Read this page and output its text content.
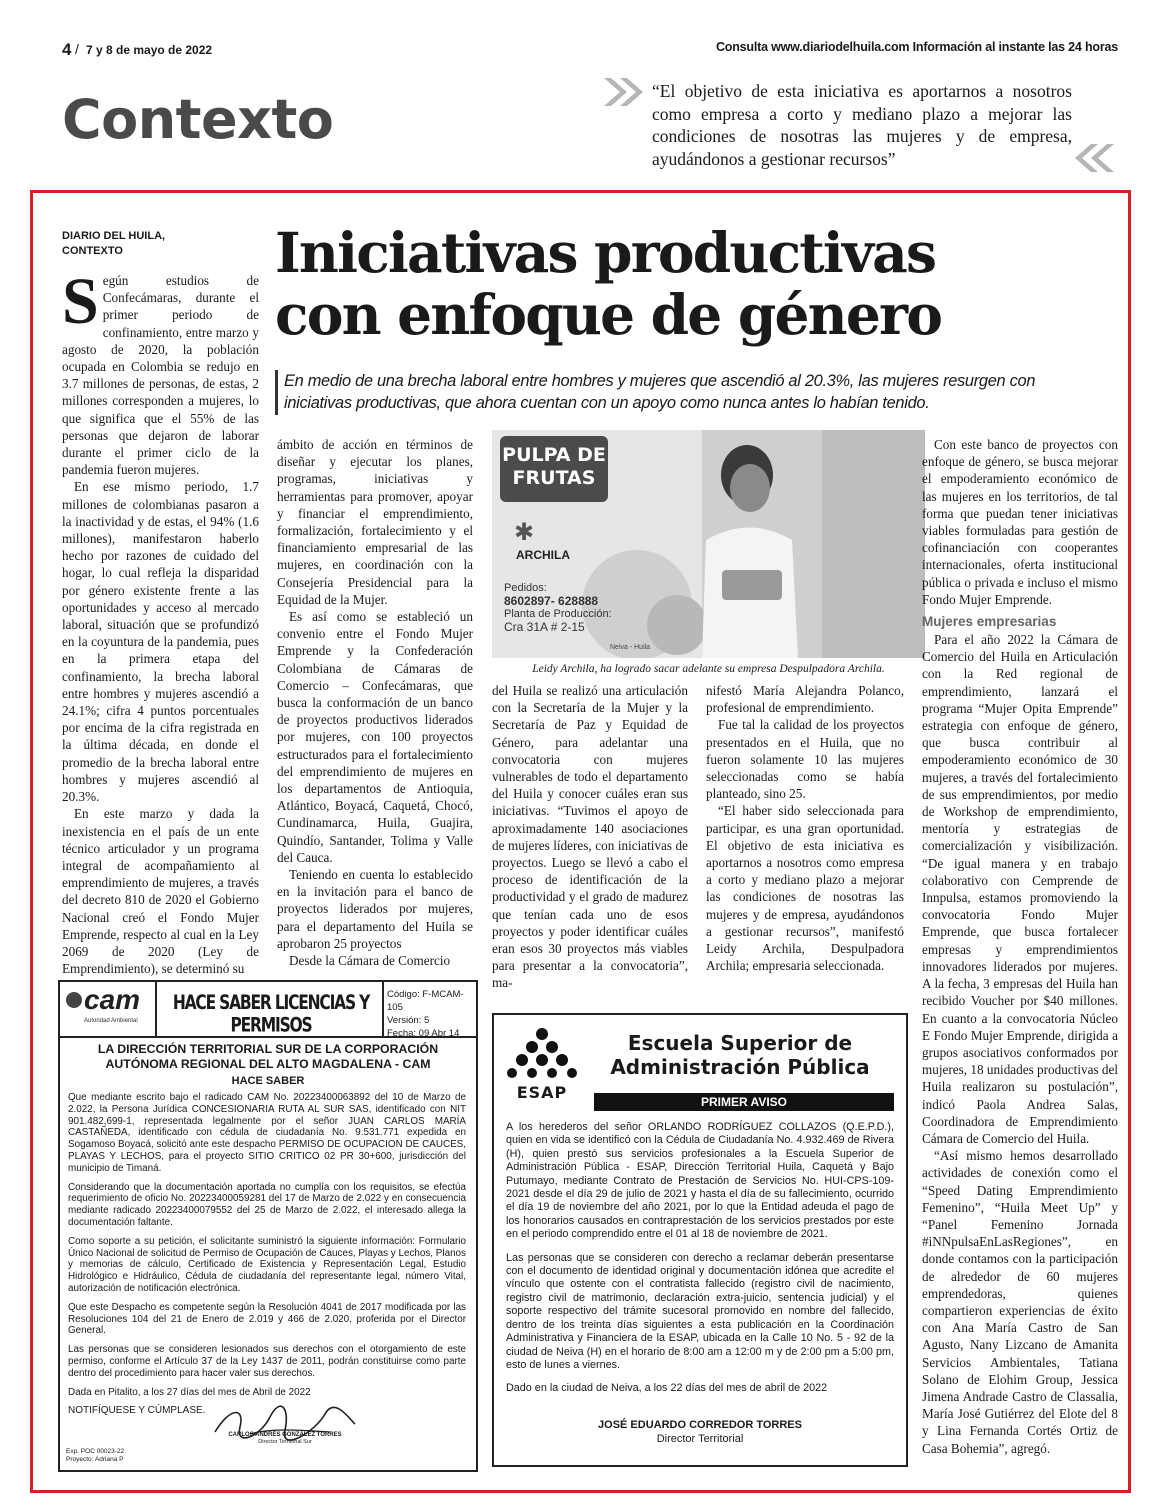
4 / 7 y 8 de mayo de 2022	Consulta www.diariodelhuila.com Información al instante las 24 horas
Contexto	“El objetivo de esta iniciativa es aportarnos a nosotros como empresa a corto y mediano plazo a mejorar las condiciones de nosotras las mujeres y de empresa, ayudándonos a gestionar recursos”
DIARIO DEL HUILA,
CONTEXTO	Iniciativas productivas
con enfoque de género
En medio de una brecha laboral entre hombres y mujeres que ascendió al 20.3%, las mujeres resurgen con iniciativas productivas, que ahora cuentan con un apoyo como nunca antes lo habían tenido.
S egún estudios de Confecámaras, durante el primer periodo de confinamiento, entre marzo y agosto de 2020, la población ocupada en Colombia se redujo en 3.7 millones de personas, de estas, 2 millones corresponden a mujeres, lo que significa que el 55% de las personas que dejaron de laborar durante el primer ciclo de la pandemia fueron mujeres.

En ese mismo periodo, 1.7 millones de colombianas pasaron a la inactividad y de estas, el 94% (1.6 millones), manifestaron haberlo hecho por razones de cuidado del hogar, lo cual refleja la disparidad por género existente frente a las oportunidades y acceso al mercado laboral, situación que se profundizó en la coyuntura de la pandemia, pues en la primera etapa del confinamiento, la brecha laboral entre hombres y mujeres ascendió a 24.1%; cifra 4 puntos porcentuales por encima de la cifra registrada en la última década, en donde el promedio de la brecha laboral entre hombres y mujeres ascendió al 20.3%.

En este marzo y dada la inexistencia en el país de un ente técnico articulador y un programa integral de acompañamiento al emprendimiento de mujeres, a través del decreto 810 de 2020 el Gobierno Nacional creó el Fondo Mujer Emprende, respecto al cual en la Ley 2069 de 2020 (Ley de Emprendimiento), se determinó su

ámbito de acción en términos de diseñar y ejecutar los planes, programas, iniciativas y herramientas para promover, apoyar y financiar el emprendimiento, formalización, fortalecimiento y el financiamiento empresarial de las mujeres, en coordinación con la Consejería Presidencial para la Equidad de la Mujer.

Es así como se estableció un convenio entre el Fondo Mujer Emprende y la Confederación Colombiana de Cámaras de Comercio – Confecámaras, que busca la conformación de un banco de proyectos productivos liderados por mujeres, con 100 proyectos estructurados para el fortalecimiento del emprendimiento de mujeres en los departamentos de Antioquia, Atlántico, Boyacá, Caquetá, Chocó, Cundinamarca, Huila, Guajira, Quindío, Santander, Tolima y Valle del Cauca.

Teniendo en cuenta lo establecido en la invitación para el banco de proyectos liderados por mujeres, para el departamento del Huila se aprobaron 25 proyectos

Desde la Cámara de Comercio

PULPA DE
FRUTAS
✱
ARCHILA
Pedidos:
8602897- 628888
Planta de Producción:
Cra 31A # 2-15
Neiva - Huila
Leidy Archila, ha logrado sacar adelante su empresa Despulpadora Archila.

del Huila se realizó una articulación con la Secretaría de la Mujer y la Secretaría de Paz y Equidad de Género, para adelantar una convocatoria con mujeres vulnerables de todo el departamento del Huila y conocer cuáles eran sus iniciativas. “Tuvimos el apoyo de aproximadamente 140 asociaciones de mujeres líderes, con iniciativas de proyectos. Luego se llevó a cabo el proceso de identificación de la productividad y el grado de madurez que tenían cada uno de esos proyectos y poder identificar cuáles eran esos 30 proyectos más viables para presentar a la convocatoria”, ma-

nifestó María Alejandra Polanco, profesional de emprendimiento.

Fue tal la calidad de los proyectos presentados en el Huila, que no fueron solamente 10 las mujeres seleccionadas como se había planteado, sino 25.

“El haber sido seleccionada para participar, es una gran oportunidad. El objetivo de esta iniciativa es aportarnos a nosotros como empresa a corto y mediano plazo a mejorar las condiciones de nosotras las mujeres y de empresa, ayudándonos a gestionar recursos”, manifestó Leidy Archila, Despulpadora Archila; empresaria seleccionada.

Con este banco de proyectos con enfoque de género, se busca mejorar el empoderamiento económico de las mujeres en los territorios, de tal forma que puedan tener iniciativas viables formuladas para gestión de cofinanciación con cooperantes internacionales, oferta institucional pública o privada e incluso el mismo Fondo Mujer Emprende.

Mujeres empresarias

Para el año 2022 la Cámara de Comercio del Huila en Articulación con la Red regional de emprendimiento, lanzará el programa “Mujer Opita Emprende” estrategia con enfoque de género, que busca contribuir al empoderamiento económico de 30 mujeres, a través del fortalecimiento de sus emprendimientos, por medio de Workshop de emprendimiento, mentoría y estrategias de comercialización y visibilización. “De igual manera y en trabajo colaborativo con Cemprende de Innpulsa, estamos promoviendo la convocatoria Fondo Mujer Emprende, que busca fortalecer empresas y emprendimientos innovadores liderados por mujeres. A la fecha, 3 empresas del Huila han recibido Voucher por $40 millones. En cuanto a la convocatoria Núcleo E Fondo Mujer Emprende, dirigida a grupos asociativos conformados por mujeres, 18 unidades productivas del Huila realizaron su postulación”, indicó Paola Andrea Salas, Coordinadora de Emprendimiento Cámara de Comercio del Huila.

“Así mismo hemos desarrollado actividades de conexión como el “Speed Dating Emprendimiento Femenino”, “Huila Meet Up” y “Panel Femenino Jornada #iNNpulsaEnLasRegiones”, en donde contamos con la participación de alrededor de 60 mujeres emprendedoras, quienes compartieron experiencias de éxito con Ana María Castro de San Agusto, Nany Lizcano de Amanita Servicios Ambientales, Tatiana Solano de Elohim Group, Jessica Jimena Andrade Castro de Classalia, María José Gutiérrez del Elote del 8 y Lina Fernanda Cortés Ortiz de Casa Bohemia”, agregó.

cam
Autoridad Ambiental
HACE SABER LICENCIAS Y PERMISOS
Código: F-MCAM-105
Versión: 5
Fecha: 09 Abr 14
LA DIRECCIÓN TERRITORIAL SUR DE LA CORPORACIÓN AUTÓNOMA REGIONAL DEL ALTO MAGDALENA - CAM
HACE SABER

Que mediante escrito bajo el radicado CAM No. 20223400063892 del 10 de Marzo de 2.022, la Persona Jurídica CONCESIONARIA RUTA AL SUR SAS, identificado con NIT 901.482,699-1, representada legalmente por el señor JUAN CARLOS MARÍA CASTAÑEDA, identificado con cédula de ciudadanía No. 9.531.771 expedida en Sogamoso Boyacá, solicitó ante este despacho PERMISO DE OCUPACION DE CAUCES, PLAYAS Y LECHOS, para el proyecto SITIO CRITICO 02 PR 30+600, jurisdicción del municipio de Timaná.

Considerando que la documentación aportada no cumplía con los requisitos, se efectúa requerimiento de oficio No. 20223400059281 del 17 de Marzo de 2.022 y en consecuencia mediante radicado 20223400079552 del 25 de Marzo de 2.022, el interesado allega la documentación faltante.

Como soporte a su petición, el solicitante suministró la siguiente información: Formulario Único Nacional de solicitud de Permiso de Ocupación de Cauces, Playas y Lechos, Planos y memorias de cálculo, Certificado de Existencia y Representación Legal, Estudio Hidrológico e Hidráulico, Cédula de ciudadanía del representante legal, número Vital, autorización de notificación electrónica.

Que este Despacho es competente según la Resolución 4041 de 2017 modificada por las Resoluciones 104 del 21 de Enero de 2.019 y 466 de 2.020, proferida por el Director General.

Las personas que se consideren lesionados sus derechos con el otorgamiento de este permiso, conforme el Artículo 37 de la Ley 1437 de 2011, podrán constituirse como parte dentro del procedimiento para hacer valer sus derechos.

Dada en Pitalito, a los 27 días del mes de Abril de 2022

NOTIFÍQUESE Y CÚMPLASE.
CARLOS ANDRÉS GONZÁLEZ TORRES
Director Territorial Sur
Exp. POC 00023-22
Proyecto: Adriana P
ESAP
Escuela Superior de
Administración Pública
PRIMER AVISO

A los herederos del señor ORLANDO RODRÍGUEZ COLLAZOS (Q.E.P.D.), quien en vida se identificó con la Cédula de Ciudadanía No. 4.932.469 de Rivera (H), quien prestó sus servicios profesionales a la Escuela Superior de Administración Pública - ESAP, Dirección Territorial Huila, Caquetá y Bajo Putumayo, mediante Contrato de Prestación de Servicios No. HUI-CPS-109-2021 desde el día 29 de julio de 2021 y hasta el día de su fallecimiento, ocurrido el día 19 de noviembre del año 2021, por lo que la Entidad adeuda el pago de los honorarios causados en contraprestación de los servicios prestados por este en el periodo comprendido entre el 01 al 18 de noviembre de 2021.

Las personas que se consideren con derecho a reclamar deberán presentarse con el documento de identidad original y documentación idónea que acredite el vínculo que ostente con el contratista fallecido (registro civil de nacimiento, registro civil de matrimonio, declaración extra-juicio, sentencia judicial) y el soporte respectivo del trámite sucesoral promovido en nombre del fallecido, dentro de los treinta días siguientes a esta publicación en la Coordinación Administrativa y Financiera de la ESAP, ubicada en la Calle 10 No. 5 - 92 de la ciudad de Neiva (H) en el horario de 8:00 am a 12:00 m y de 2:00 pm a 5:00 pm, esto de lunes a viernes.

Dado en la ciudad de Neiva, a los 22 días del mes de abril de 2022

JOSÉ EDUARDO CORREDOR TORRES
Director Territorial
